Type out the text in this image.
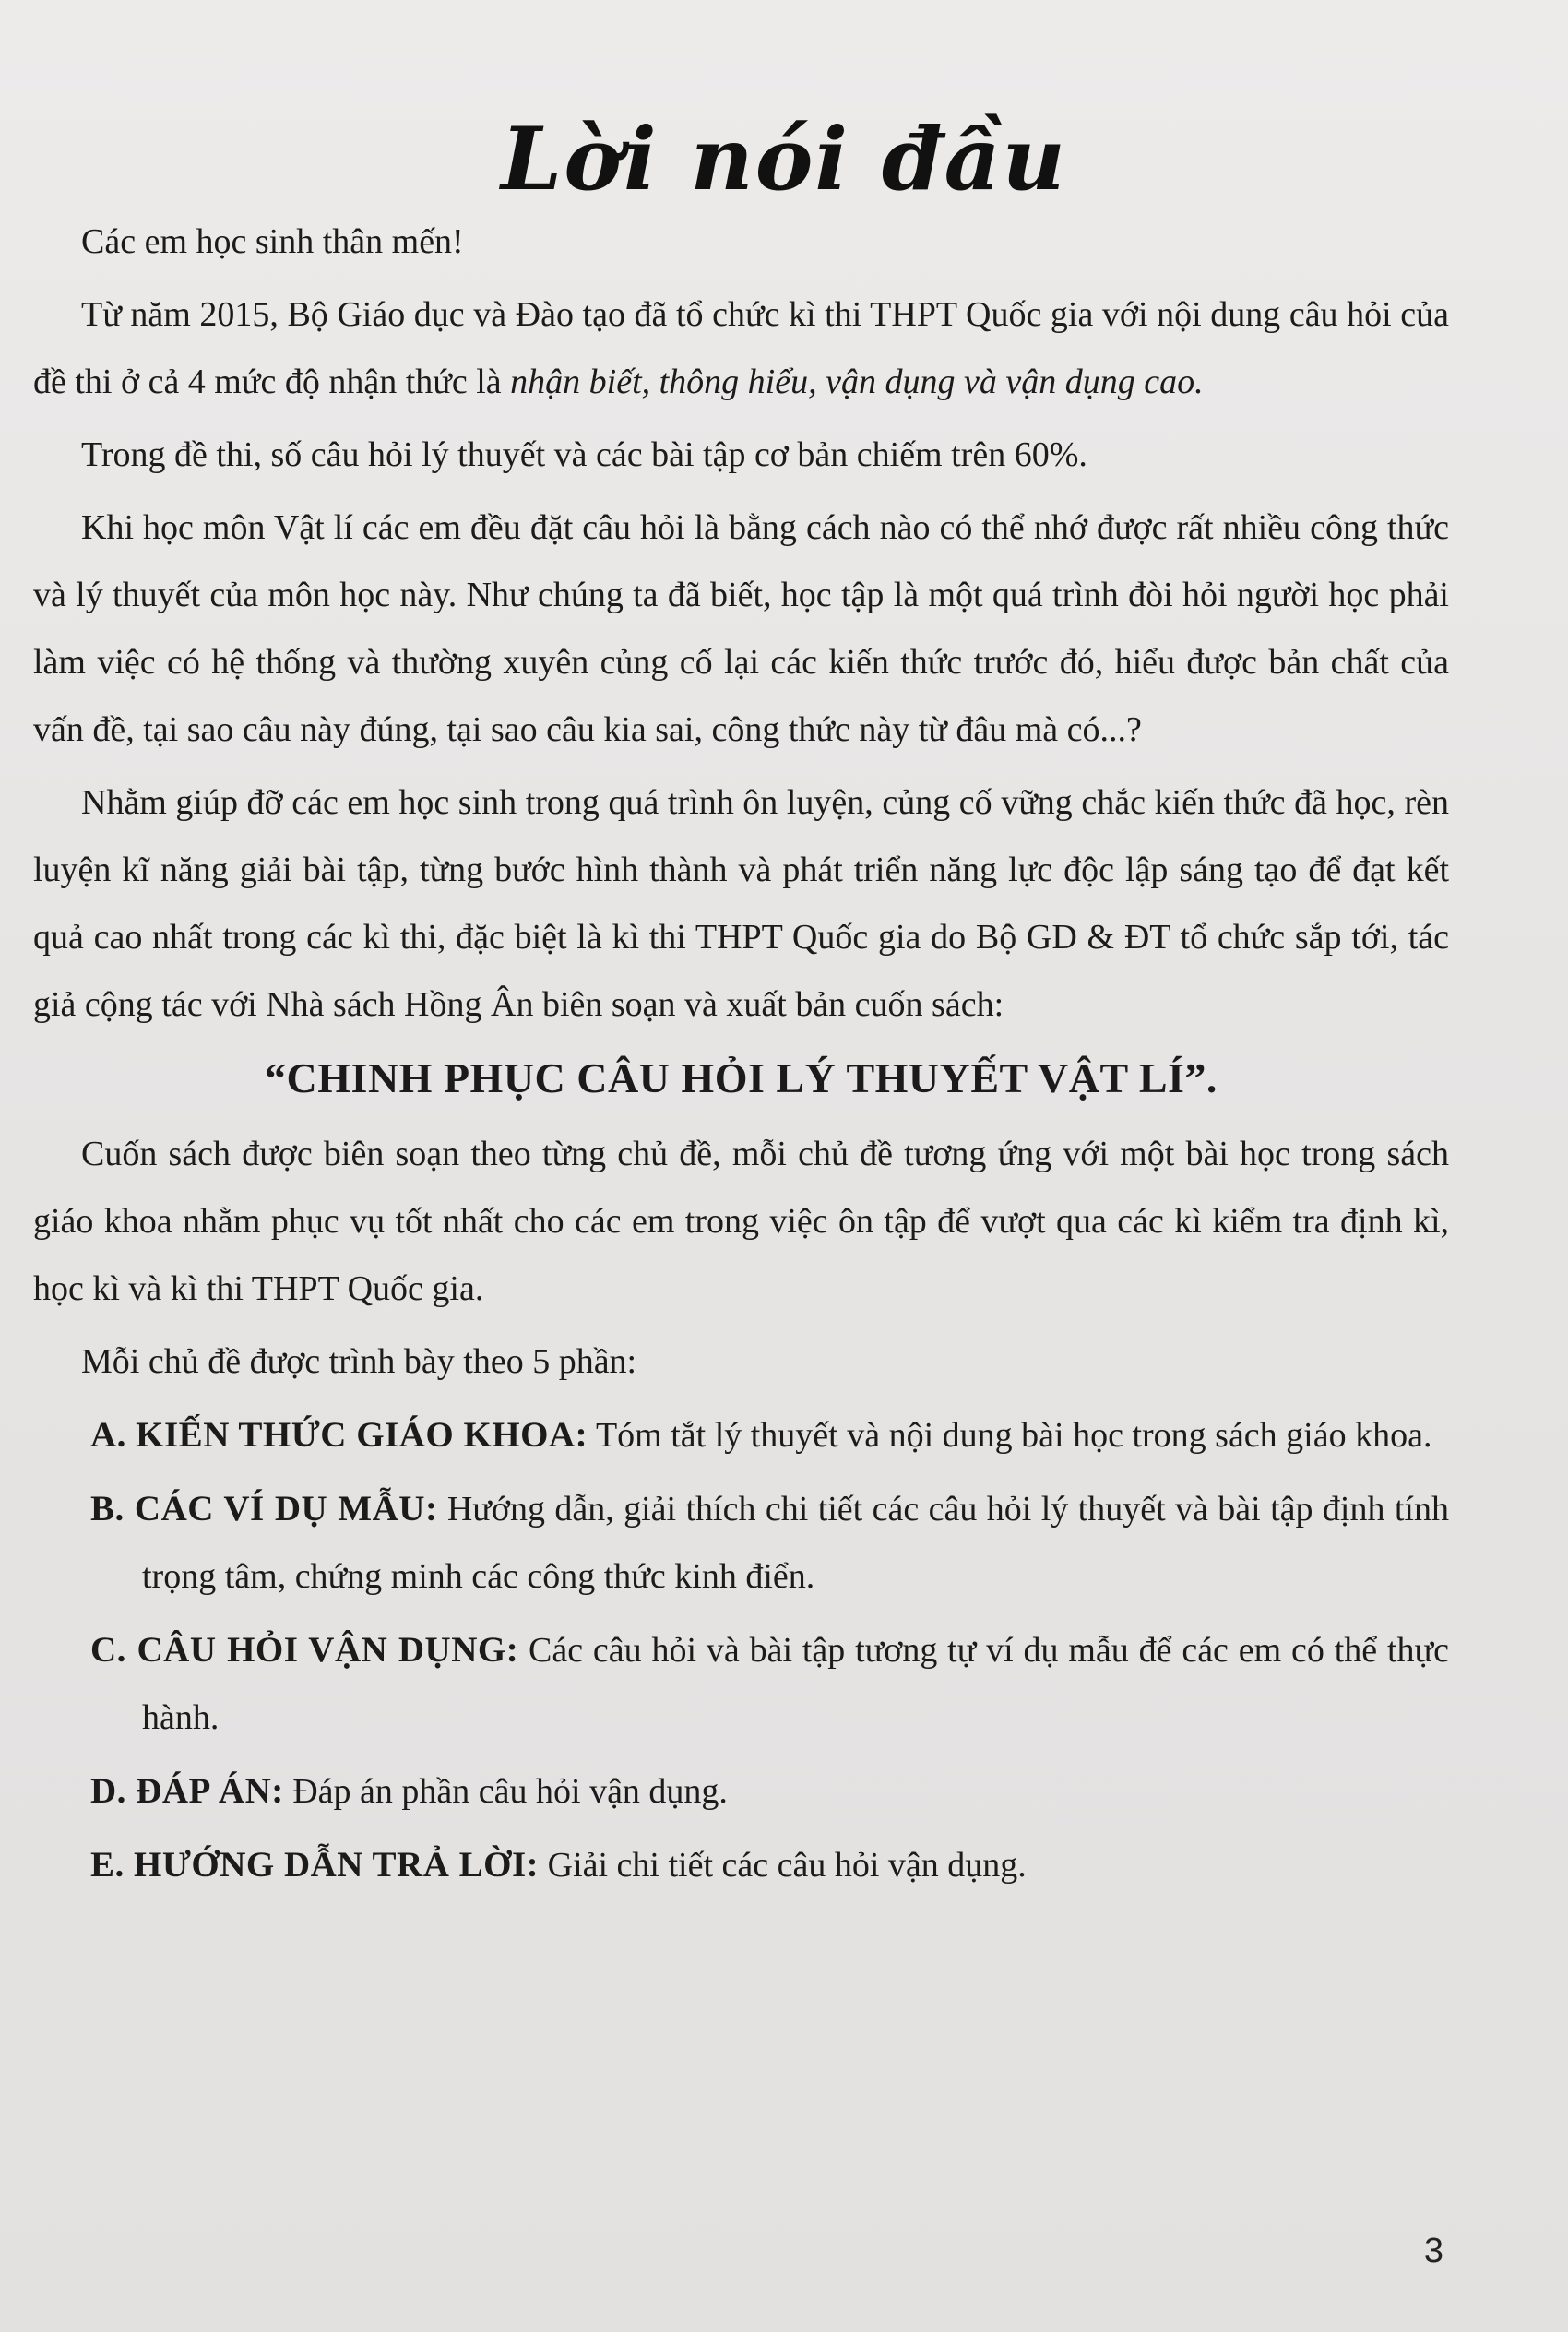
Lời nói đầu

Các em học sinh thân mến!

Từ năm 2015, Bộ Giáo dục và Đào tạo đã tổ chức kì thi THPT Quốc gia với nội dung câu hỏi của đề thi ở cả 4 mức độ nhận thức là nhận biết, thông hiểu, vận dụng và vận dụng cao.

Trong đề thi, số câu hỏi lý thuyết và các bài tập cơ bản chiếm trên 60%.

Khi học môn Vật lí các em đều đặt câu hỏi là bằng cách nào có thể nhớ được rất nhiều công thức và lý thuyết của môn học này. Như chúng ta đã biết, học tập là một quá trình đòi hỏi người học phải làm việc có hệ thống và thường xuyên củng cố lại các kiến thức trước đó, hiểu được bản chất của vấn đề, tại sao câu này đúng, tại sao câu kia sai, công thức này từ đâu mà có...?

Nhằm giúp đỡ các em học sinh trong quá trình ôn luyện, củng cố vững chắc kiến thức đã học, rèn luyện kĩ năng giải bài tập, từng bước hình thành và phát triển năng lực độc lập sáng tạo để đạt kết quả cao nhất trong các kì thi, đặc biệt là kì thi THPT Quốc gia do Bộ GD & ĐT tổ chức sắp tới, tác giả cộng tác với Nhà sách Hồng Ân biên soạn và xuất bản cuốn sách:

“CHINH PHỤC CÂU HỎI LÝ THUYẾT VẬT LÍ”.

Cuốn sách được biên soạn theo từng chủ đề, mỗi chủ đề tương ứng với một bài học trong sách giáo khoa nhằm phục vụ tốt nhất cho các em trong việc ôn tập để vượt qua các kì kiểm tra định kì, học kì và kì thi THPT Quốc gia.

Mỗi chủ đề được trình bày theo 5 phần:

A. KIẾN THỨC GIÁO KHOA: Tóm tắt lý thuyết và nội dung bài học trong sách giáo khoa.

B. CÁC VÍ DỤ MẪU: Hướng dẫn, giải thích chi tiết các câu hỏi lý thuyết và bài tập định tính trọng tâm, chứng minh các công thức kinh điển.

C. CÂU HỎI VẬN DỤNG: Các câu hỏi và bài tập tương tự ví dụ mẫu để các em có thể thực hành.

D. ĐÁP ÁN: Đáp án phần câu hỏi vận dụng.

E. HƯỚNG DẪN TRẢ LỜI: Giải chi tiết các câu hỏi vận dụng.

3
